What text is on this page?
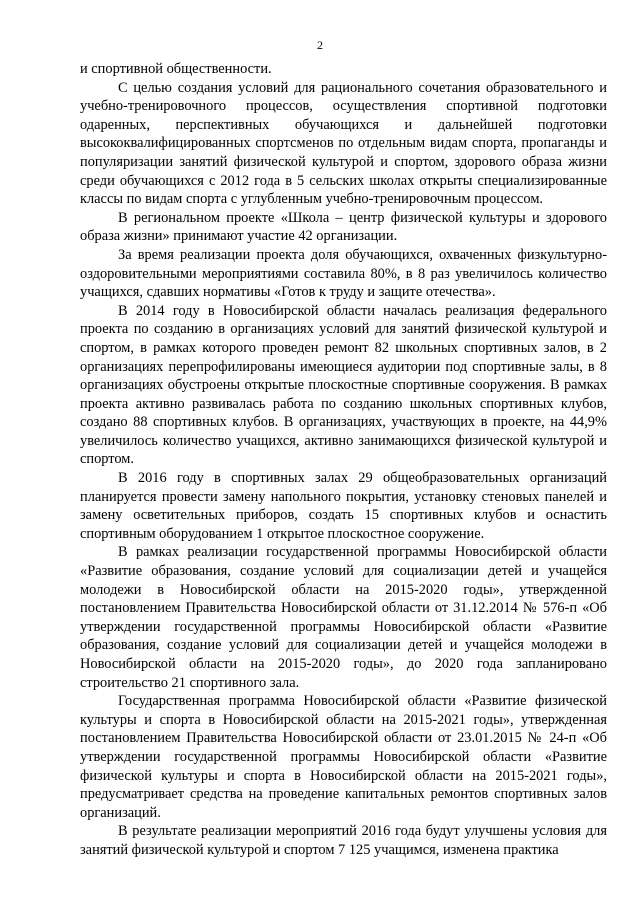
2

и спортивной общественности.

С целью создания условий для рационального сочетания образовательного и учебно-тренировочного процессов, осуществления спортивной подготовки одаренных, перспективных обучающихся и дальнейшей подготовки высококвалифицированных спортсменов по отдельным видам спорта, пропаганды и популяризации занятий физической культурой и спортом, здорового образа жизни среди обучающихся с 2012 года в 5 сельских школах открыты специализированные классы по видам спорта с углубленным учебно-тренировочным процессом.

В региональном проекте «Школа – центр физической культуры и здорового образа жизни» принимают участие 42 организации.

За время реализации проекта доля обучающихся, охваченных физкультурно-оздоровительными мероприятиями составила 80%, в 8 раз увеличилось количество учащихся, сдавших нормативы «Готов к труду и защите отечества».

В 2014 году в Новосибирской области началась реализация федерального проекта по созданию в организациях условий для занятий физической культурой и спортом, в рамках которого проведен ремонт 82 школьных спортивных залов, в 2 организациях перепрофилированы имеющиеся аудитории под спортивные залы, в 8 организациях обустроены открытые плоскостные спортивные сооружения. В рамках проекта активно развивалась работа по созданию школьных спортивных клубов, создано 88 спортивных клубов. В организациях, участвующих в проекте, на 44,9% увеличилось количество учащихся, активно занимающихся физической культурой и спортом.

В 2016 году в спортивных залах 29 общеобразовательных организаций планируется провести замену напольного покрытия, установку стеновых панелей и замену осветительных приборов, создать 15 спортивных клубов и оснастить спортивным оборудованием 1 открытое плоскостное сооружение.

В рамках реализации государственной программы Новосибирской области «Развитие образования, создание условий для социализации детей и учащейся молодежи в Новосибирской области на 2015-2020 годы», утвержденной постановлением Правительства Новосибирской области от 31.12.2014 № 576-п «Об утверждении государственной программы Новосибирской области «Развитие образования, создание условий для социализации детей и учащейся молодежи в Новосибирской области на 2015-2020 годы», до 2020 года запланировано строительство 21 спортивного зала.

Государственная программа Новосибирской области «Развитие физической культуры и спорта в Новосибирской области на 2015-2021 годы», утвержденная постановлением Правительства Новосибирской области от 23.01.2015 № 24-п «Об утверждении государственной программы Новосибирской области «Развитие физической культуры и спорта в Новосибирской области на 2015-2021 годы», предусматривает средства на проведение капитальных ремонтов спортивных залов организаций.

В результате реализации мероприятий 2016 года будут улучшены условия для занятий физической культурой и спортом 7 125 учащимся, изменена практика
